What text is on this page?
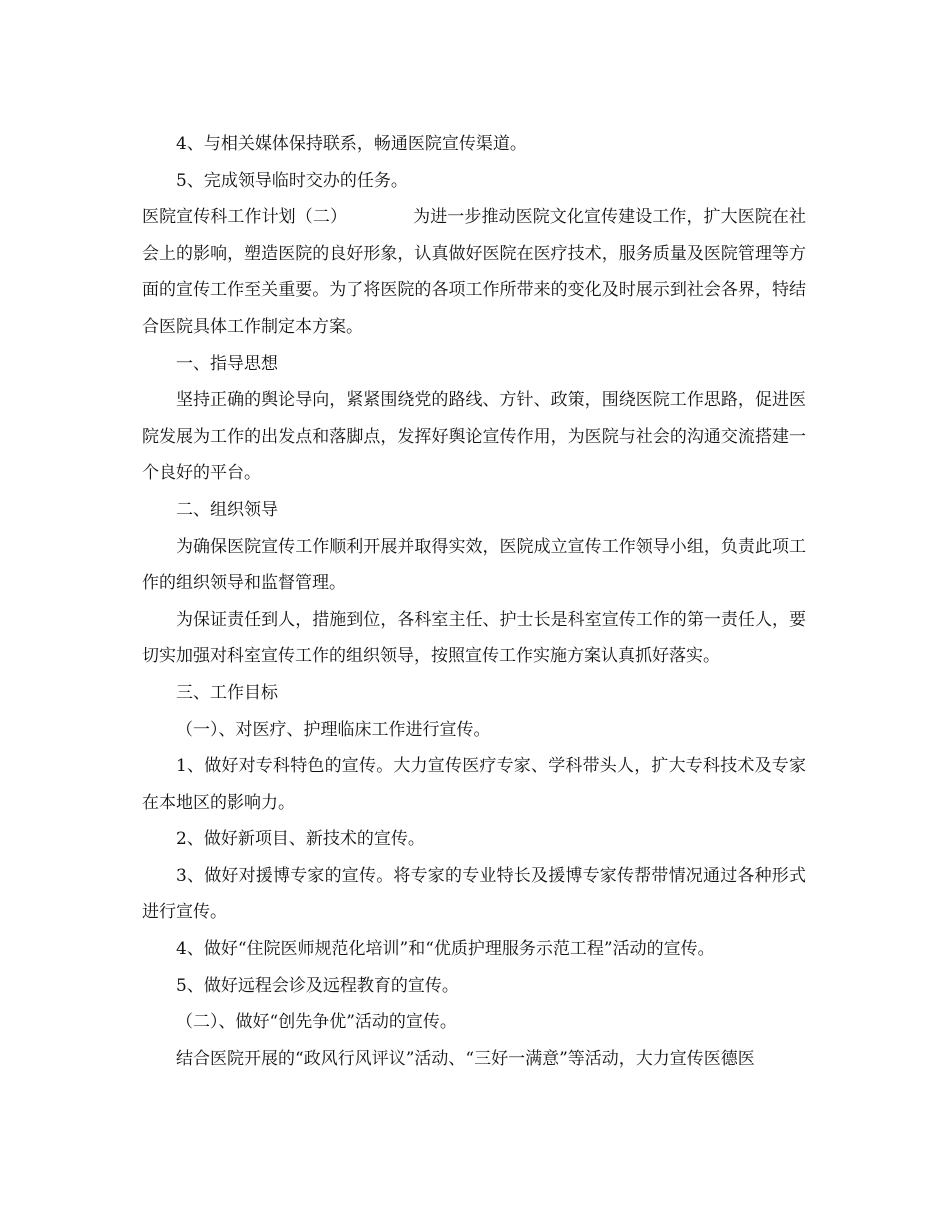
4、与相关媒体保持联系，畅通医院宣传渠道。

5、完成领导临时交办的任务。

医院宣传科工作计划（二）	为进一步推动医院文化宣传建设工作，扩大医院在社会上的影响，塑造医院的良好形象，认真做好医院在医疗技术，服务质量及医院管理等方面的宣传工作至关重要。为了将医院的各项工作所带来的变化及时展示到社会各界，特结合医院具体工作制定本方案。

一、指导思想

坚持正确的舆论导向，紧紧围绕党的路线、方针、政策，围绕医院工作思路，促进医院发展为工作的出发点和落脚点，发挥好舆论宣传作用，为医院与社会的沟通交流搭建一个良好的平台。

二、组织领导

为确保医院宣传工作顺利开展并取得实效，医院成立宣传工作领导小组，负责此项工作的组织领导和监督管理。

为保证责任到人，措施到位，各科室主任、护士长是科室宣传工作的第一责任人，要切实加强对科室宣传工作的组织领导，按照宣传工作实施方案认真抓好落实。

三、工作目标

（一）、对医疗、护理临床工作进行宣传。

1、做好对专科特色的宣传。大力宣传医疗专家、学科带头人，扩大专科技术及专家在本地区的影响力。

2、做好新项目、新技术的宣传。

3、做好对援博专家的宣传。将专家的专业特长及援博专家传帮带情况通过各种形式进行宣传。

4、做好“住院医师规范化培训”和“优质护理服务示范工程”活动的宣传。

5、做好远程会诊及远程教育的宣传。

（二）、做好“创先争优”活动的宣传。

结合医院开展的“政风行风评议”活动、“三好一满意”等活动，大力宣传医德医
